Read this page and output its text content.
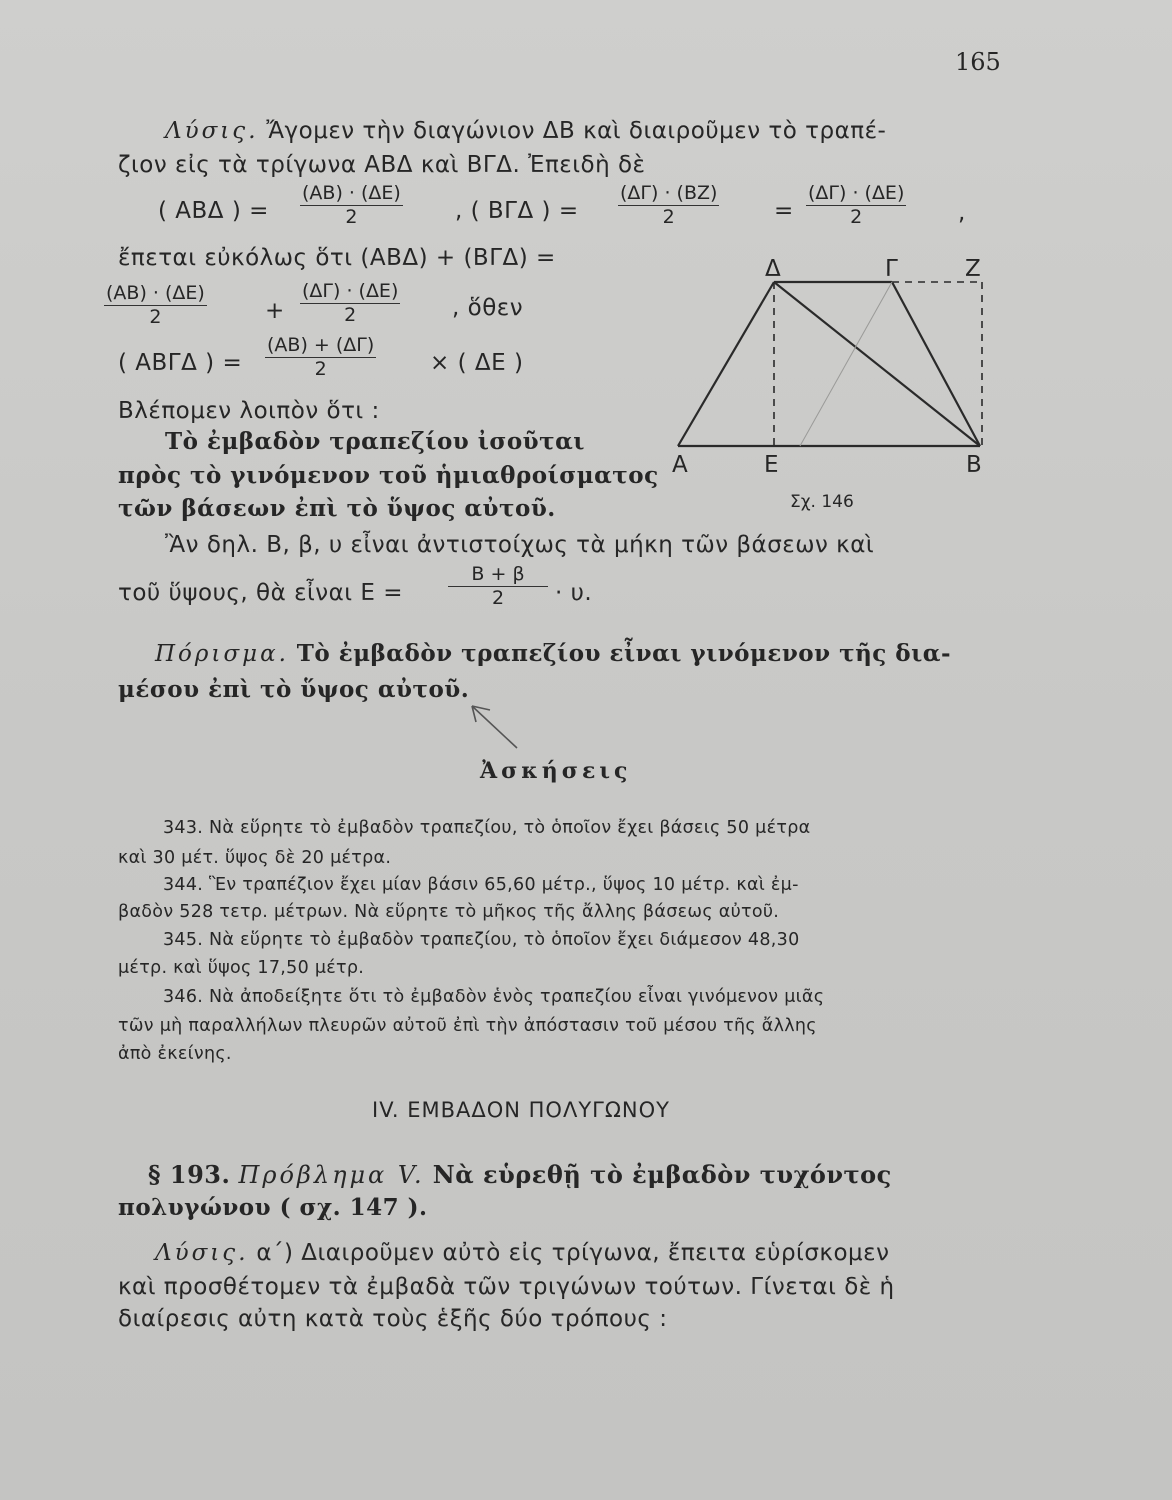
165
Λύσις. Ἄγομεν τὴν διαγώνιον ΔΒ καὶ διαιροῦμεν τὸ τραπέ-
ζιον εἰς τὰ τρίγωνα ΑΒΔ καὶ ΒΓΔ. Ἐπειδὴ δὲ
( ΑΒΔ ) = $\frac{(AB) \cdot (\Delta E)}{2}$ , ( ΒΓΔ ) = $\frac{(\Delta\Gamma) \cdot (BZ)}{2} = \frac{(\Delta\Gamma) \cdot (\Delta E)}{2}$ ,
ἔπεται εὐκόλως ὅτι (ΑΒΔ) + (ΒΓΔ) =
$\frac{(AB) \cdot (\Delta E)}{2}$	+ $\frac{(\Delta\Gamma) \cdot (\Delta E)}{2}$ , ὅθεν
( ΑΒΓΔ ) = $\frac{(AB) + (\Delta\Gamma)}{2}$ × ( ΔΕ )
Βλέπομεν λοιπὸν ὅτι :
Τὸ ἐμβαδὸν τραπεζίου ἰσοῦται
πρὸς τὸ γινόμενον τοῦ ἡμιαθροίσματος
τῶν βάσεων ἐπὶ τὸ ὕψος αὐτοῦ.
Δ	Γ	Ζ
Α	Ε	Β
Σχ. 146
Ἂν δηλ. Β, β, υ εἶναι ἀντιστοίχως τὰ μήκη τῶν βάσεων καὶ
τοῦ ὕψους, θὰ εἶναι $E = \frac{B + \beta}{2} \cdot \upsilon$.
Πόρισμα. Τὸ ἐμβαδὸν τραπεζίου εἶναι γινόμενον τῆς δια-
μέσου ἐπὶ τὸ ὕψος αὐτοῦ.
Ἀσκήσεις
343. Νὰ εὕρητε τὸ ἐμβαδὸν τραπεζίου, τὸ ὁποῖον ἔχει βάσεις 50 μέτρα
καὶ 30 μέτ. ὕψος δὲ 20 μέτρα.
344. Ἓν τραπέζιον ἔχει μίαν βάσιν 65,60 μέτρ., ὕψος 10 μέτρ. καὶ ἐμ-
βαδὸν 528 τετρ. μέτρων. Νὰ εὕρητε τὸ μῆκος τῆς ἄλλης βάσεως αὐτοῦ.
345. Νὰ εὕρητε τὸ ἐμβαδὸν τραπεζίου, τὸ ὁποῖον ἔχει διάμεσον 48,30
μέτρ. καὶ ὕψος 17,50 μέτρ.
346. Νὰ ἀποδείξητε ὅτι τὸ ἐμβαδὸν ἑνὸς τραπεζίου εἶναι γινόμενον μιᾶς
τῶν μὴ παραλλήλων πλευρῶν αὐτοῦ ἐπὶ τὴν ἀπόστασιν τοῦ μέσου τῆς ἄλλης
ἀπὸ ἐκείνης.
IV. ΕΜΒΑΔΟΝ ΠΟΛΥΓΩΝΟΥ
§ 193. Πρόβλημα V. Νὰ εὑρεθῇ τὸ ἐμβαδὸν τυχόντος
πολυγώνου ( σχ. 147 ).
Λύσις. α΄) Διαιροῦμεν αὐτὸ εἰς τρίγωνα, ἔπειτα εὑρίσκομεν
καὶ προσθέτομεν τὰ ἐμβαδὰ τῶν τριγώνων τούτων. Γίνεται δὲ ἡ
διαίρεσις αὐτη κατὰ τοὺς ἑξῆς δύο τρόπους :
